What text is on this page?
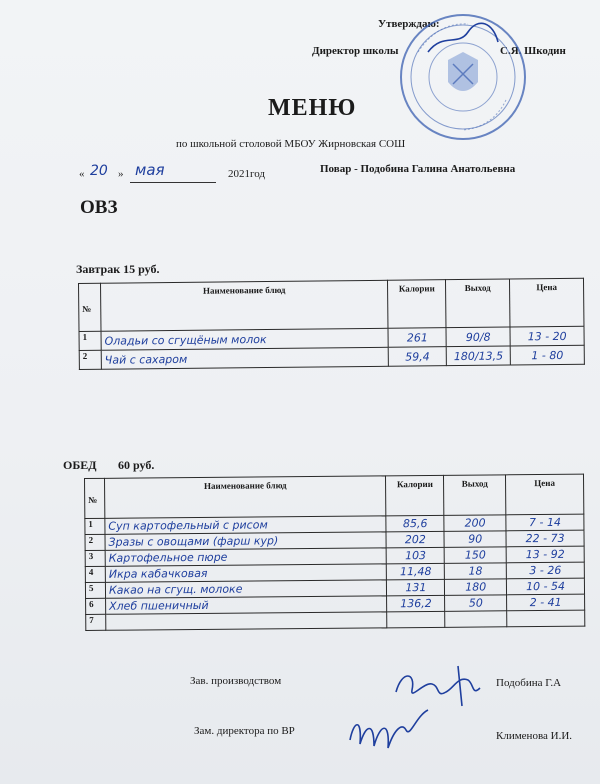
Утверждаю:
Директор школы	С.Я. Шкодин
МЕНЮ
по школьной столовой МБОУ Жирновская СОШ
« 20 » мая	2021год	Повар - Подобина Галина Анатольевна
ОВЗ
Завтрак 15 руб.
№	Наименование блюд	Калории	Выход	Цена
1	Оладьи со сгущёным молок	261	90/8	13 - 20
2	Чай с сахаром	59,4	180/13,5	1 - 80
ОБЕД 60 руб.
№	Наименование блюд	Калории	Выход	Цена
1	Суп картофельный с рисом	85,6	200	7 - 14
2	Зразы с овощами (фарш кур)	202	90	22 - 73
3	Картофельное пюре	103	150	13 - 92
4	Икра кабачковая	11,48	18	3 - 26
5	Какао на сгущ. молоке	131	180	10 - 54
6	Хлеб пшеничный	136,2	50	2 - 41
7				
Зав. производством	Подобина Г.А
Зам. директора по ВР	Клименова И.И.
